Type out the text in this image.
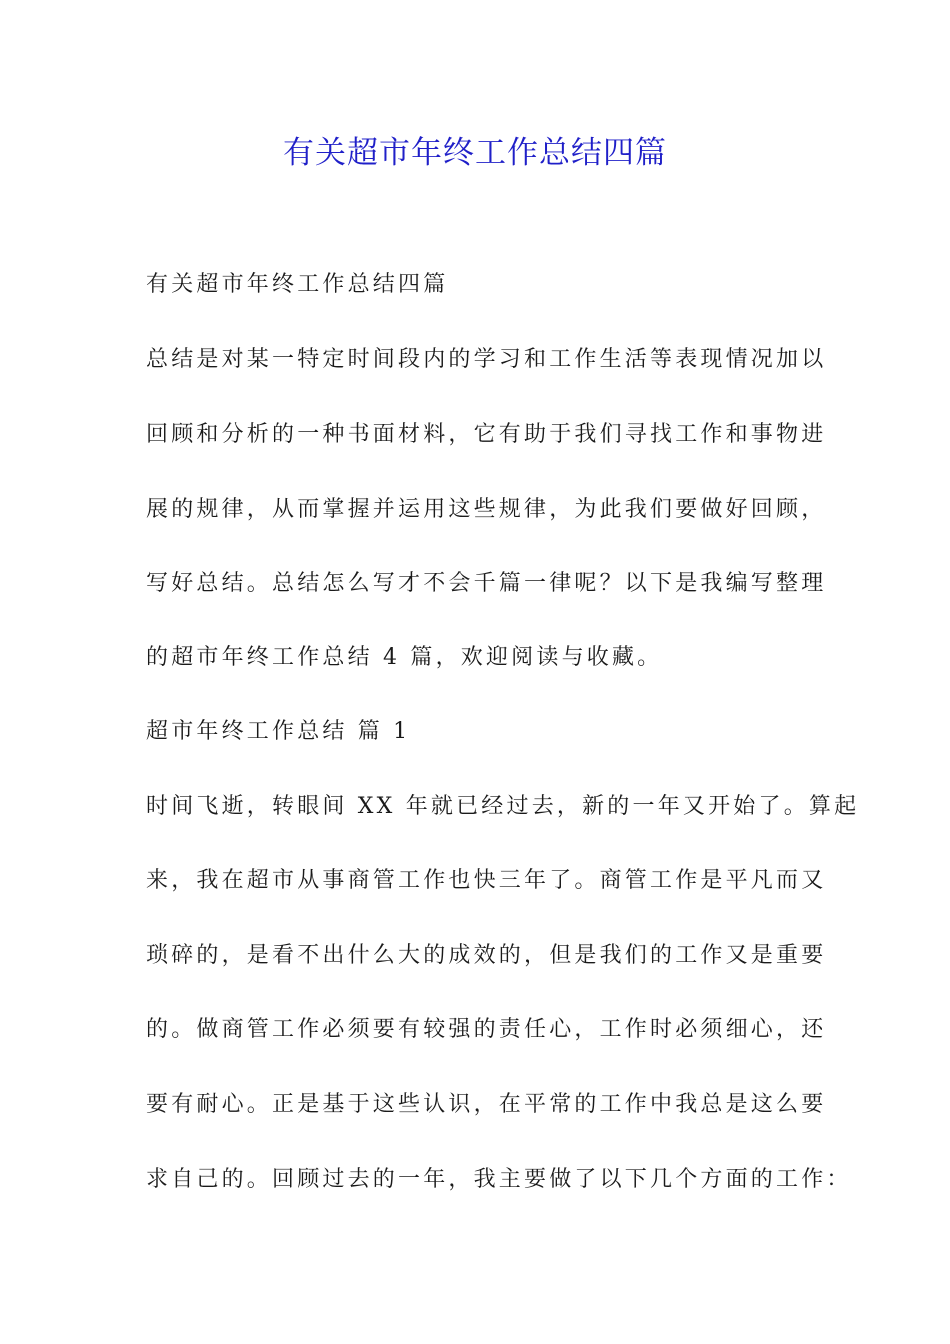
有关超市年终工作总结四篇
有关超市年终工作总结四篇
总结是对某一特定时间段内的学习和工作生活等表现情况加以
回顾和分析的一种书面材料，它有助于我们寻找工作和事物进
展的规律，从而掌握并运用这些规律，为此我们要做好回顾，
写好总结。总结怎么写才不会千篇一律呢？以下是我编写整理
的超市年终工作总结 4 篇，欢迎阅读与收藏。
超市年终工作总结 篇 1
时间飞逝，转眼间 XX 年就已经过去，新的一年又开始了。算起
来，我在超市从事商管工作也快三年了。商管工作是平凡而又
琐碎的，是看不出什么大的成效的，但是我们的工作又是重要
的。做商管工作必须要有较强的责任心，工作时必须细心，还
要有耐心。正是基于这些认识，在平常的工作中我总是这么要
求自己的。回顾过去的一年，我主要做了以下几个方面的工作：
